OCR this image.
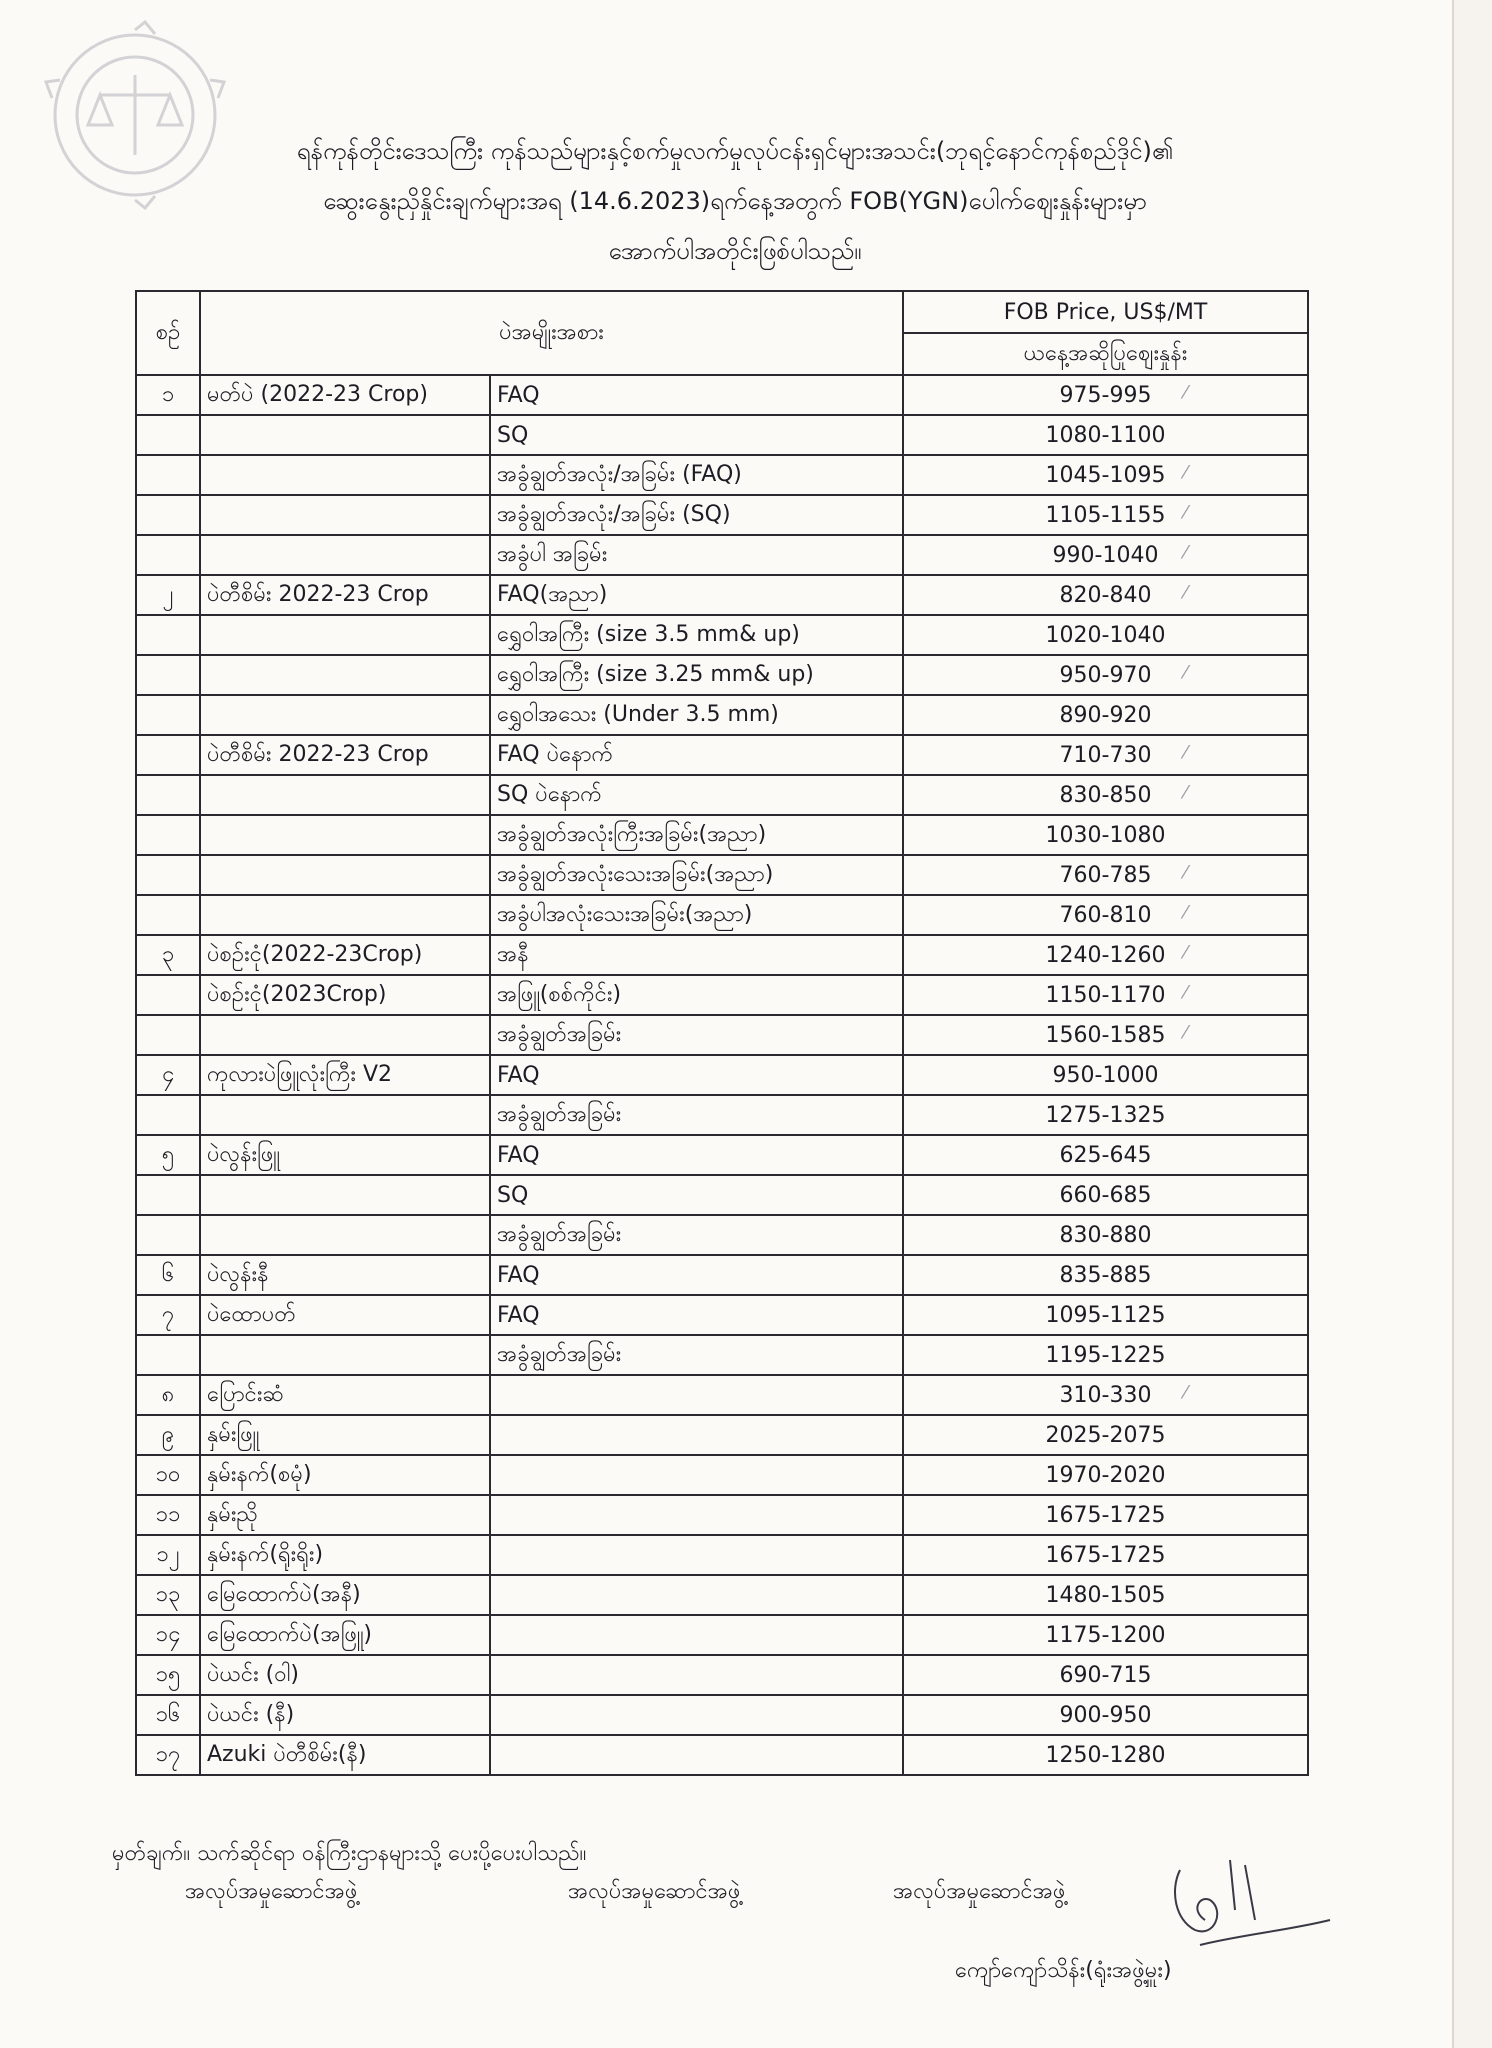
ရန်ကုန်တိုင်းဒေသကြီး ကုန်သည်များနှင့်စက်မှုလက်မှုလုပ်ငန်းရှင်များအသင်း(ဘုရင့်နောင်ကုန်စည်ဒိုင်)၏
ဆွေးနွေးညှိနှိုင်းချက်များအရ (14.6.2023)ရက်နေ့အတွက် FOB(YGN)ပေါက်ဈေးနှုန်းများမှာ
အောက်ပါအတိုင်းဖြစ်ပါသည်။
စဉ်	ပဲအမျိုးအစား		FOB Price, US$/MT
			ယနေ့အဆိုပြုဈေးနှုန်း
၁	မတ်ပဲ (2022-23 Crop)	FAQ	975-995 ⁄

		SQ	1080-1100
		အခွံချွတ်အလုံး/အခြမ်း (FAQ)	1045-1095 ⁄

		အခွံချွတ်အလုံး/အခြမ်း (SQ)	1105-1155 ⁄

		အခွံပါ အခြမ်း	990-1040 ⁄

၂	ပဲတီစိမ်း 2022-23 Crop	FAQ(အညာ)	820-840 ⁄

		ရွှေဝါအကြီး (size 3.5 mm& up)	1020-1040
		ရွှေဝါအကြီး (size 3.25 mm& up)	950-970 ⁄

		ရွှေဝါအသေး (Under 3.5 mm)	890-920
	ပဲတီစိမ်း 2022-23 Crop	FAQ ပဲနောက်	710-730 ⁄

		SQ ပဲနောက်	830-850 ⁄

		အခွံချွတ်အလုံးကြီးအခြမ်း(အညာ)	1030-1080
		အခွံချွတ်အလုံးသေးအခြမ်း(အညာ)	760-785 ⁄

		အခွံပါအလုံးသေးအခြမ်း(အညာ)	760-810 ⁄

၃	ပဲစဉ်းငုံ(2022-23Crop)	အနီ	1240-1260 ⁄

	ပဲစဉ်းငုံ(2023Crop)	အဖြူ(စစ်ကိုင်း)	1150-1170 ⁄

		အခွံချွတ်အခြမ်း	1560-1585 ⁄

၄	ကုလားပဲဖြူလုံးကြီး V2	FAQ	950-1000
		အခွံချွတ်အခြမ်း	1275-1325
၅	ပဲလွန်းဖြူ	FAQ	625-645
		SQ	660-685
		အခွံချွတ်အခြမ်း	830-880
၆	ပဲလွန်းနီ	FAQ	835-885
၇	ပဲထောပတ်	FAQ	1095-1125
		အခွံချွတ်အခြမ်း	1195-1225
၈	ပြောင်းဆံ		310-330 ⁄

၉	နှမ်းဖြူ		2025-2075
၁၀	နှမ်းနက်(စမုံ)		1970-2020
၁၁	နှမ်းညို		1675-1725
၁၂	နှမ်းနက်(ရိုးရိုး)		1675-1725
၁၃	မြေထောက်ပဲ(အနီ)		1480-1505
၁၄	မြေထောက်ပဲ(အဖြူ)		1175-1200
၁၅	ပဲယင်း (ဝါ)		690-715
၁၆	ပဲယင်း (နီ)		900-950
၁၇	Azuki ပဲတီစိမ်း(နီ)		1250-1280
မှတ်ချက်။ သက်ဆိုင်ရာ ဝန်ကြီးဌာနများသို့ ပေးပို့ပေးပါသည်။
အလုပ်အမှုဆောင်အဖွဲ့	အလုပ်အမှုဆောင်အဖွဲ့	အလုပ်အမှုဆောင်အဖွဲ့
ကျော်ကျော်သိန်း(ရုံးအဖွဲ့မှူး)
